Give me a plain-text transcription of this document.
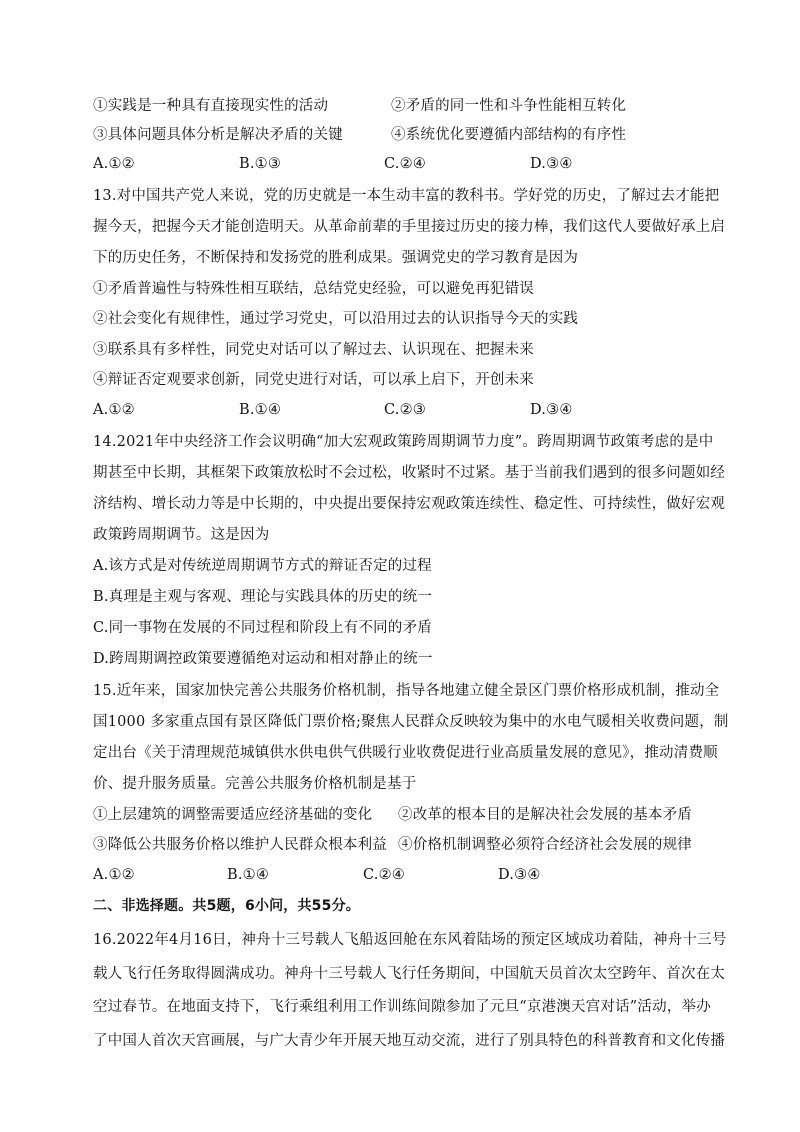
①实践是一种具有直接现实性的活动	②矛盾的同一性和斗争性能相互转化
③具体问题具体分析是解决矛盾的关键	④系统优化要遵循内部结构的有序性
A.①②	B.①③	C.②④	D.③④
13.对中国共产党人来说，党的历史就是一本生动丰富的教科书。学好党的历史，了解过去才能把
握今天，把握今天才能创造明天。从革命前辈的手里接过历史的接力棒，我们这代人要做好承上启
下的历史任务，不断保持和发扬党的胜利成果。强调党史的学习教育是因为
①矛盾普遍性与特殊性相互联结，总结党史经验，可以避免再犯错误
②社会变化有规律性，通过学习党史，可以沿用过去的认识指导今天的实践
③联系具有多样性，同党史对话可以了解过去、认识现在、把握未来
④辩证否定观要求创新，同党史进行对话，可以承上启下，开创未来
A.①②	B.①④	C.②③	D.③④
14.2021年中央经济工作会议明确“加大宏观政策跨周期调节力度”。跨周期调节政策考虑的是中
期甚至中长期，其框架下政策放松时不会过松，收紧时不过紧。基于当前我们遇到的很多问题如经
济结构、增长动力等是中长期的，中央提出要保持宏观政策连续性、稳定性、可持续性，做好宏观
政策跨周期调节。这是因为
A.该方式是对传统逆周期调节方式的辩证否定的过程
B.真理是主观与客观、理论与实践具体的历史的统一
C.同一事物在发展的不同过程和阶段上有不同的矛盾
D.跨周期调控政策要遵循绝对运动和相对静止的统一
15.近年来，国家加快完善公共服务价格机制，指导各地建立健全景区门票价格形成机制，推动全
国1000 多家重点国有景区降低门票价格;聚焦人民群众反映较为集中的水电气暖相关收费问题，制
定出台《关于清理规范城镇供水供电供气供暖行业收费促进行业高质量发展的意见》，推动清费顺
价、提升服务质量。完善公共服务价格机制是基于
①上层建筑的调整需要适应经济基础的变化 ②改革的根本目的是解决社会发展的基本矛盾
③降低公共服务价格以维护人民群众根本利益 ④价格机制调整必须符合经济社会发展的规律
A.①②	B.①④	C.②④	D.③④
二、非选择题。共5题，6小问，共55分。
16.2022年4月16日，神舟十三号载人飞船返回舱在东风着陆场的预定区域成功着陆，神舟十三号
载人飞行任务取得圆满成功。神舟十三号载人飞行任务期间，中国航天员首次太空跨年、首次在太
空过春节。在地面支持下，飞行乘组利用工作训练间隙参加了元旦“京港澳天宫对话”活动，举办
了中国人首次天宫画展，与广大青少年开展天地互动交流，进行了别具特色的科普教育和文化传播
